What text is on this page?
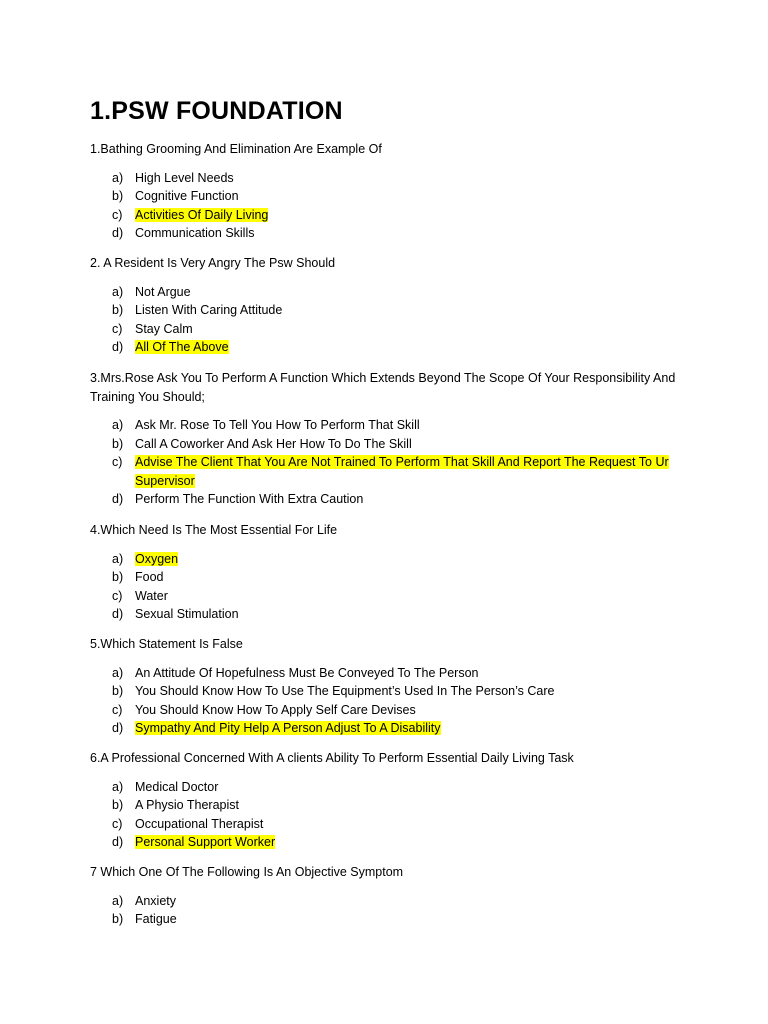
1.PSW FOUNDATION

1.Bathing Grooming And Elimination Are Example Of

a) High Level Needs
b) Cognitive Function
c)	Activities Of Daily Living
d) Communication Skills

2. A Resident Is Very Angry The Psw Should

a) Not Argue
b) Listen With Caring Attitude
c)	Stay Calm
d) All Of The Above

3.Mrs.Rose Ask You To Perform A Function Which Extends Beyond The Scope Of Your Responsibility And Training You Should;

a) Ask Mr. Rose To Tell You How To Perform That Skill
b) Call A Coworker And Ask Her How To Do The Skill
c)	Advise The Client That You Are Not Trained To Perform That Skill And Report The Request To Ur Supervisor
d) Perform The Function With Extra Caution

4.Which Need Is The Most Essential For Life

a) Oxygen
b) Food
c)	Water
d) Sexual Stimulation

5.Which Statement Is False

a) An Attitude Of Hopefulness Must Be Conveyed To The Person
b) You Should Know How To Use The Equipment’s Used In The Person’s Care
c)	You Should Know How To Apply Self Care Devises
d) Sympathy And Pity Help A Person Adjust To A Disability

6.A Professional Concerned With A clients Ability To Perform Essential Daily Living Task

a) Medical Doctor
b) A Physio Therapist
c)	Occupational Therapist
d) Personal Support Worker

7 Which One Of The Following Is An Objective Symptom

a) Anxiety
b) Fatigue
